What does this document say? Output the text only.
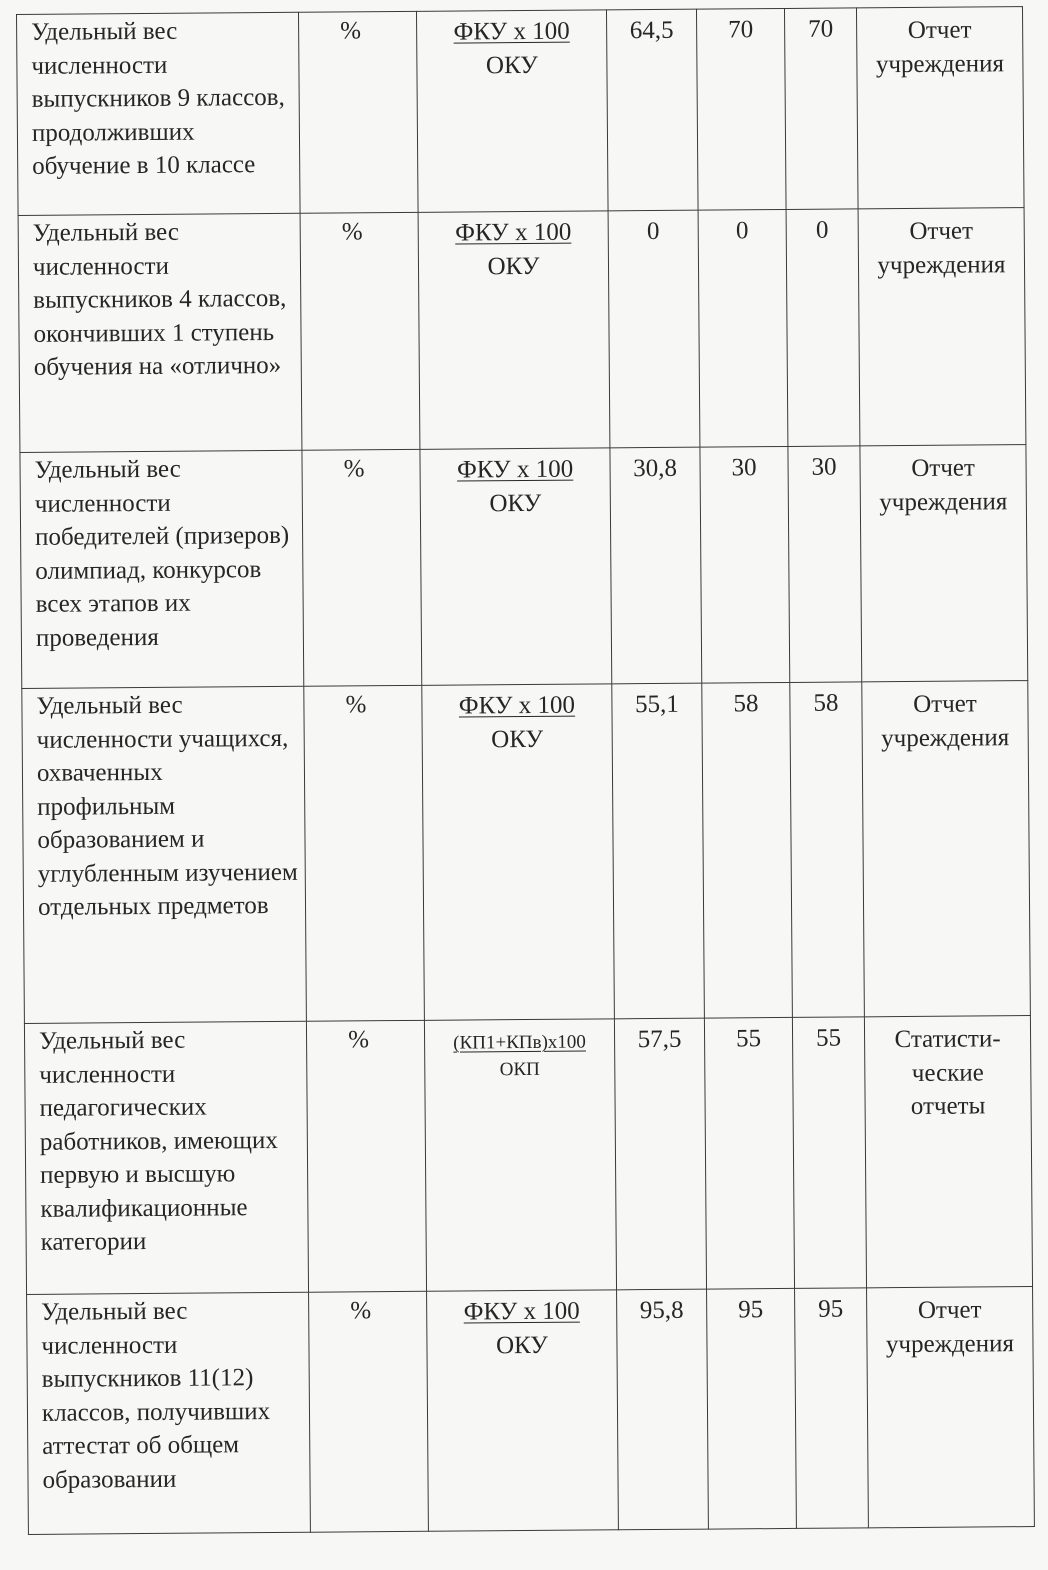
Удельный вес численности выпускников 9 классов, продолживших обучение в 10 классе	%	ФКУ x 100
ОКУ	64,5	70	70	Отчет
учреждения

Удельный вес численности выпускников 4 классов, окончивших 1 ступень обучения на «отлично»	%	ФКУ x 100
ОКУ	0	0	0	Отчет
учреждения

Удельный вес численности победителей (призеров) олимпиад, конкурсов всех этапов их проведения	%	ФКУ x 100
ОКУ	30,8	30	30	Отчет
учреждения

Удельный вес численности учащихся, охваченных профильным образованием и углубленным изучением отдельных предметов	%	ФКУ x 100
ОКУ	55,1	58	58	Отчет
учреждения

Удельный вес численности педагогических работников, имеющих первую и высшую квалификационные категории	%	(КП1+КПв)x100
ОКП	57,5	55	55	Статисти-
ческие
отчеты

Удельный вес численности выпускников 11(12) классов, получивших аттестат об общем образовании	%	ФКУ x 100
ОКУ	95,8	95	95	Отчет
учреждения
